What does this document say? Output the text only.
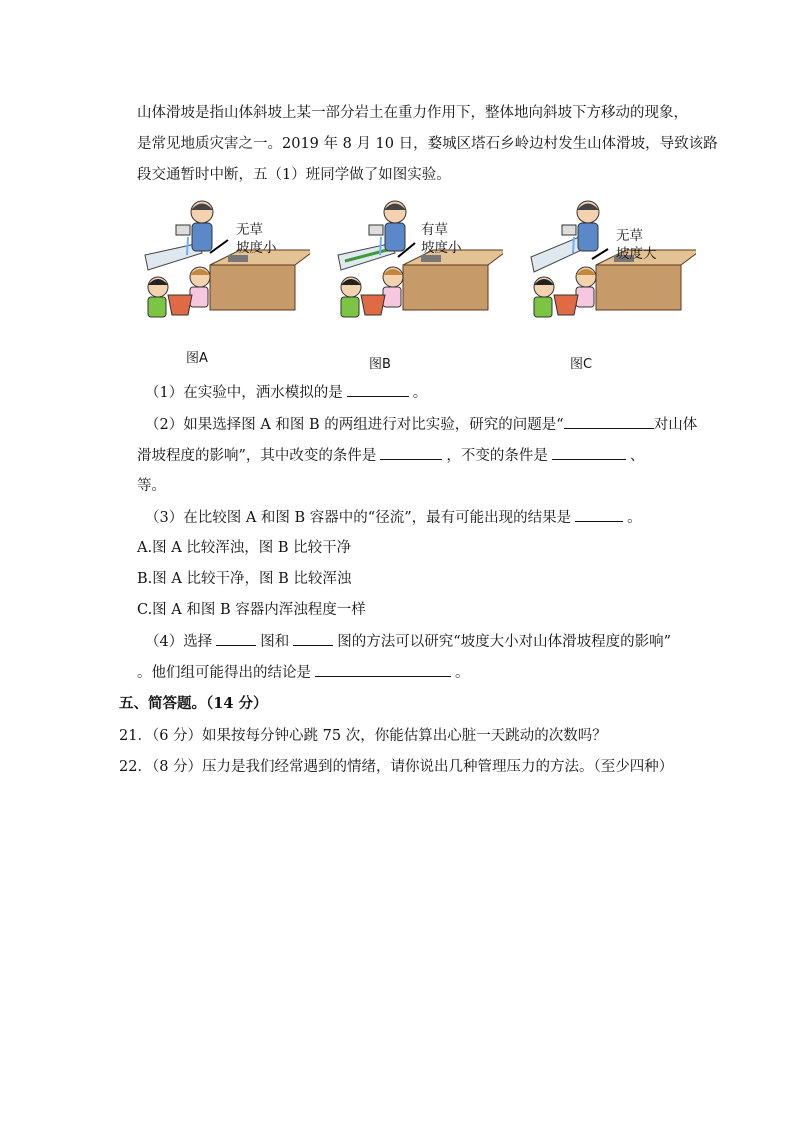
山体滑坡是指山体斜坡上某一部分岩土在重力作用下，整体地向斜坡下方移动的现象，
是常见地质灾害之一。2019 年 8 月 10 日，婺城区塔石乡岭边村发生山体滑坡，导致该路
段交通暂时中断，五（1）班同学做了如图实验。
无草
坡度小
图A
有草
坡度小
图B
无草
坡度大
图C
（1）在实验中，洒水模拟的是	。
（2）如果选择图 A 和图 B 的两组进行对比实验，研究的问题是“	对山体
滑坡程度的影响”，其中改变的条件是	，不变的条件是	、
等。
（3）在比较图 A 和图 B 容器中的“径流”，最有可能出现的结果是	。
A.图 A 比较浑浊，图 B 比较干净
B.图 A 比较干净，图 B 比较浑浊
C.图 A 和图 B 容器内浑浊程度一样
（4）选择	图和	图的方法可以研究“坡度大小对山体滑坡程度的影响”
。他们组可能得出的结论是	。
五、简答题。（14 分）
21．（6 分）如果按每分钟心跳 75 次，你能估算出心脏一天跳动的次数吗？
22．（8 分）压力是我们经常遇到的情绪，请你说出几种管理压力的方法。（至少四种）
